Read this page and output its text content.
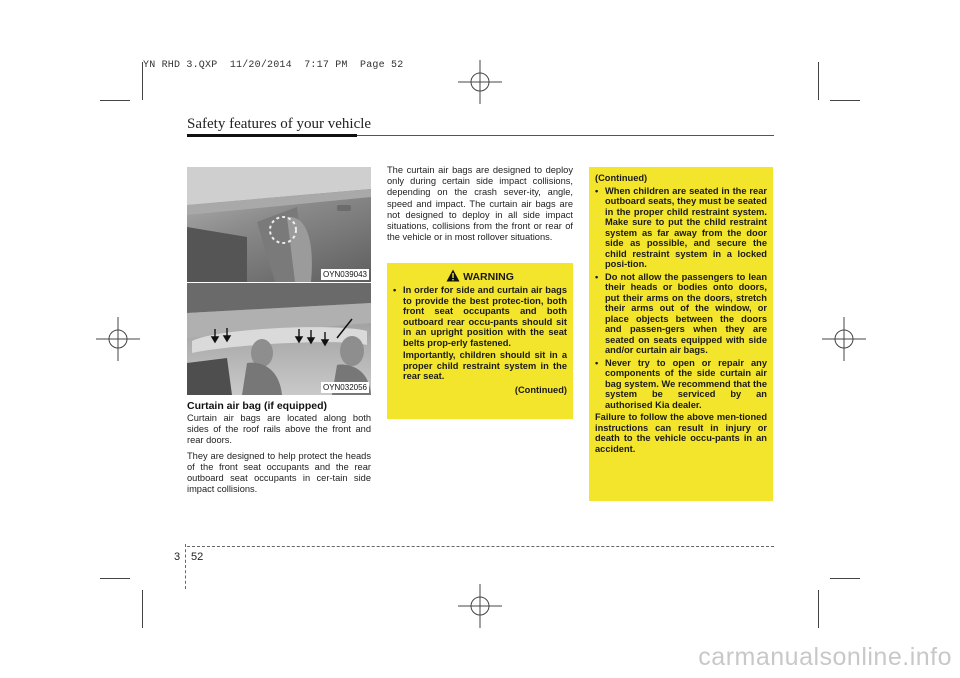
YN RHD 3.QXP  11/20/2014  7:17 PM  Page 52
Safety features of your vehicle
OYN039043
OYN032056
Curtain air bag (if equipped)

Curtain air bags are located along both sides of the roof rails above the front and rear doors.

They are designed to help protect the heads of the front seat occupants and the rear outboard seat occupants in cer-tain side impact collisions.

The curtain air bags are designed to deploy only during certain side impact collisions, depending on the crash sever-ity, angle, speed and impact. The curtain air bags are not designed to deploy in all side impact situations, collisions from the front or rear of the vehicle or in most rollover situations.

WARNING
• In order for side and curtain air bags to provide the best protec-tion, both front seat occupants and both outboard rear occu-pants should sit in an upright position with the seat belts prop-erly fastened.
Importantly, children should sit in a proper child restraint system in the rear seat.
(Continued)
(Continued)
• When children are seated in the rear outboard seats, they must be seated in the proper child restraint system. Make sure to put the child restraint system as far away from the door side as possible, and secure the child restraint system in a locked posi-tion.
• Do not allow the passengers to lean their heads or bodies onto doors, put their arms on the doors, stretch their arms out of the window, or place objects between the doors and passen-gers when they are seated on seats equipped with side and/or curtain air bags.
• Never try to open or repair any components of the side curtain air bag system. We recommend that the system be serviced by an authorised Kia dealer.
Failure to follow the above men-tioned instructions can result in injury or death to the vehicle occu-pants in an accident.
3 52
carmanualsonline.info
